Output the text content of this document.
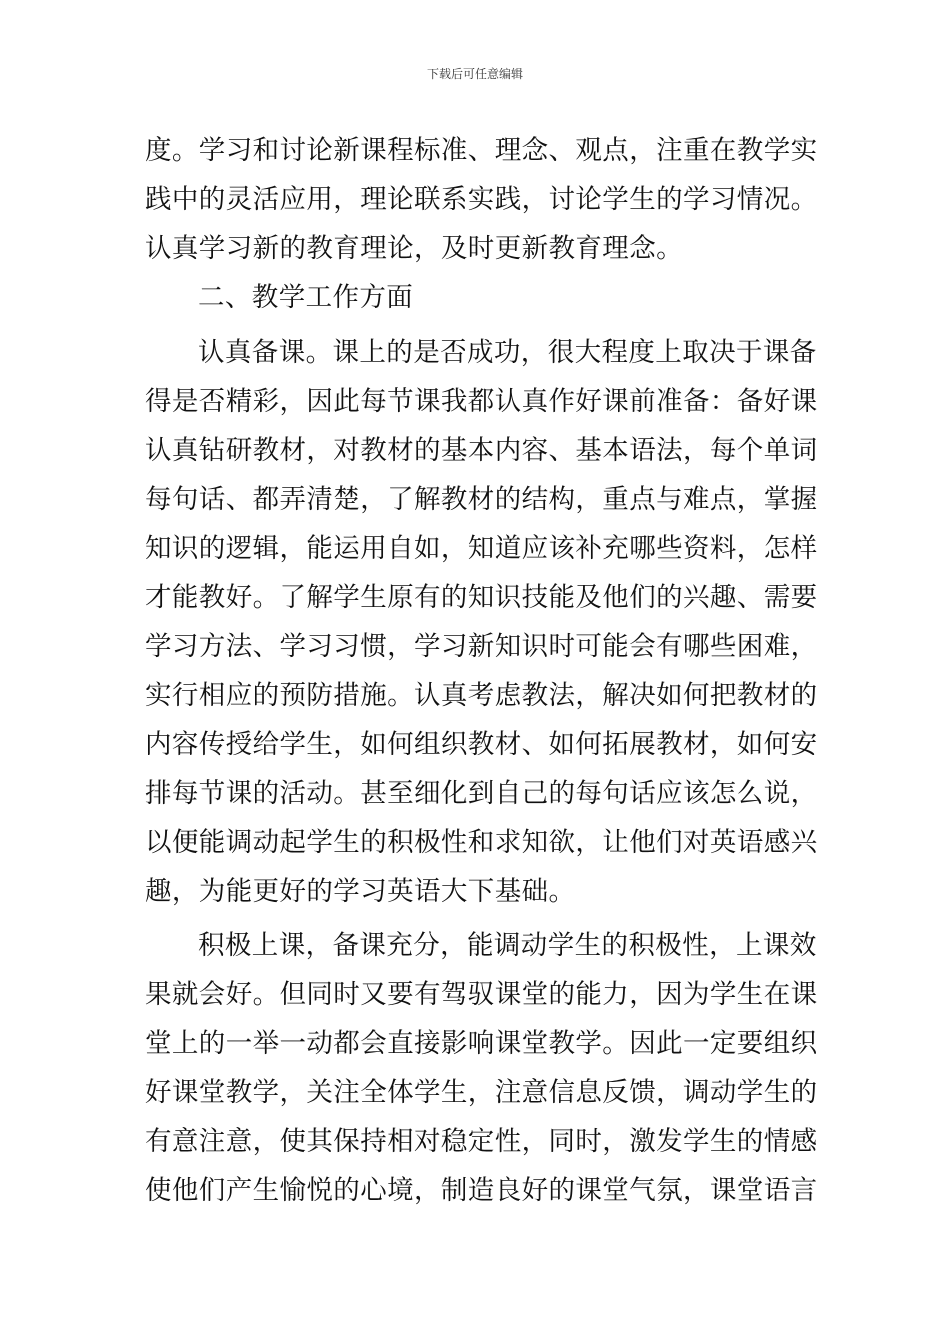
下载后可任意编辑
度。学习和讨论新课程标准、理念、观点，注重在教学实
践中的灵活应用，理论联系实践，讨论学生的学习情况。
认真学习新的教育理论，及时更新教育理念。
二、教学工作方面
认真备课。课上的是否成功，很大程度上取决于课备
得是否精彩，因此每节课我都认真作好课前准备：备好课
认真钻研教材，对教材的基本内容、基本语法，每个单词
每句话、都弄清楚，了解教材的结构，重点与难点，掌握
知识的逻辑，能运用自如，知道应该补充哪些资料，怎样
才能教好。了解学生原有的知识技能及他们的兴趣、需要
学习方法、学习习惯，学习新知识时可能会有哪些困难，
实行相应的预防措施。认真考虑教法，解决如何把教材的
内容传授给学生，如何组织教材、如何拓展教材，如何安
排每节课的活动。甚至细化到自己的每句话应该怎么说，
以便能调动起学生的积极性和求知欲，让他们对英语感兴
趣，为能更好的学习英语大下基础。
积极上课，备课充分，能调动学生的积极性，上课效
果就会好。但同时又要有驾驭课堂的能力，因为学生在课
堂上的一举一动都会直接影响课堂教学。因此一定要组织
好课堂教学，关注全体学生，注意信息反馈，调动学生的
有意注意，使其保持相对稳定性，同时，激发学生的情感
使他们产生愉悦的心境，制造良好的课堂气氛，课堂语言
